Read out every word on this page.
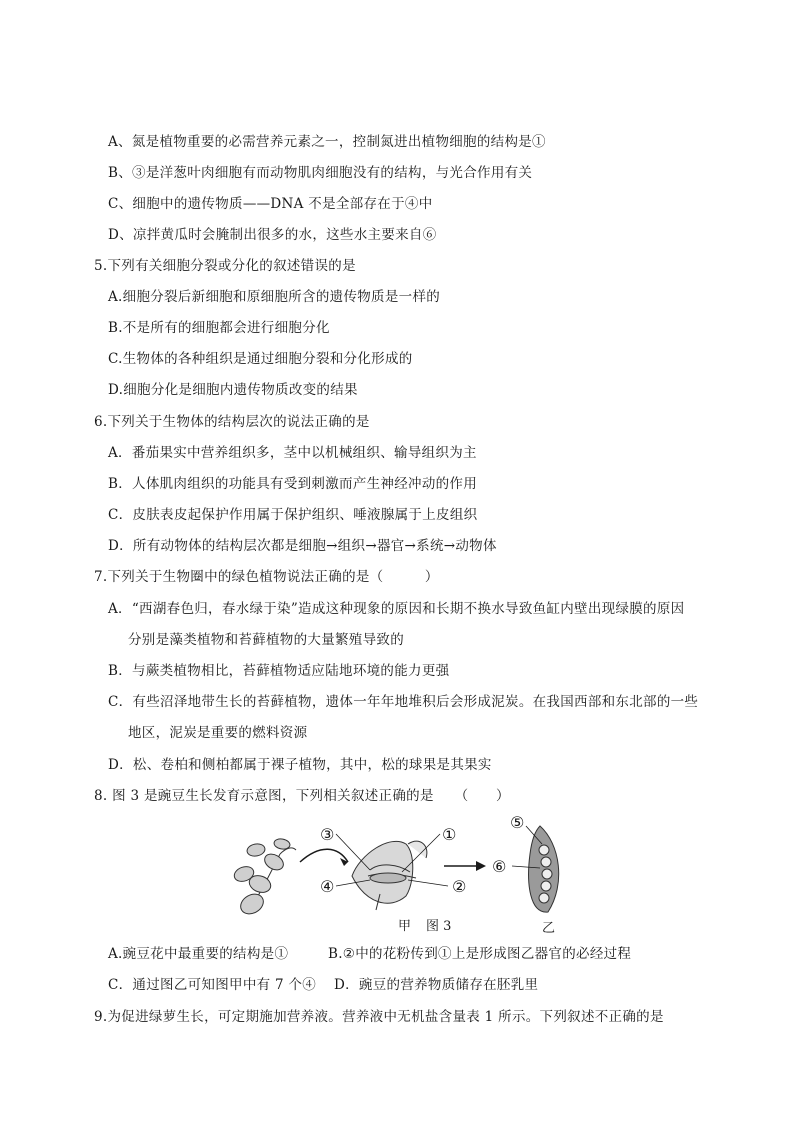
A、氮是植物重要的必需营养元素之一，控制氮进出植物细胞的结构是①
B、③是洋葱叶肉细胞有而动物肌肉细胞没有的结构，与光合作用有关
C、细胞中的遗传物质——DNA 不是全部存在于④中
D、凉拌黄瓜时会腌制出很多的水，这些水主要来自⑥
5.下列有关细胞分裂或分化的叙述错误的是
A.细胞分裂后新细胞和原细胞所含的遗传物质是一样的
B.不是所有的细胞都会进行细胞分化
C.生物体的各种组织是通过细胞分裂和分化形成的
D.细胞分化是细胞内遗传物质改变的结果
6.下列关于生物体的结构层次的说法正确的是
A．番茄果实中营养组织多，茎中以机械组织、输导组织为主
B．人体肌肉组织的功能具有受到刺激而产生神经冲动的作用
C．皮肤表皮起保护作用属于保护组织、唾液腺属于上皮组织
D．所有动物体的结构层次都是细胞→组织→器官→系统→动物体
7.下列关于生物圈中的绿色植物说法正确的是（　　　）
A．“西湖春色归，春水绿于染”造成这种现象的原因和长期不换水导致鱼缸内壁出现绿膜的原因
分别是藻类植物和苔藓植物的大量繁殖导致的
B．与蕨类植物相比，苔藓植物适应陆地环境的能力更强
C．有些沼泽地带生长的苔藓植物，遗体一年年地堆积后会形成泥炭。在我国西部和东北部的一些
地区，泥炭是重要的燃料资源
D．松、卷柏和侧柏都属于裸子植物，其中，松的球果是其果实
8. 图 3 是豌豆生长发育示意图，下列相关叙述正确的是　　（　　）
③	①
④	②
⑤
⑥
甲 图 3	乙
A.豌豆花中最重要的结构是①	B.②中的花粉传到①上是形成图乙器官的必经过程
C．通过图乙可知图甲中有 7 个④ D．豌豆的营养物质储存在胚乳里
9.为促进绿萝生长，可定期施加营养液。营养液中无机盐含量表 1 所示。下列叙述不正确的是
